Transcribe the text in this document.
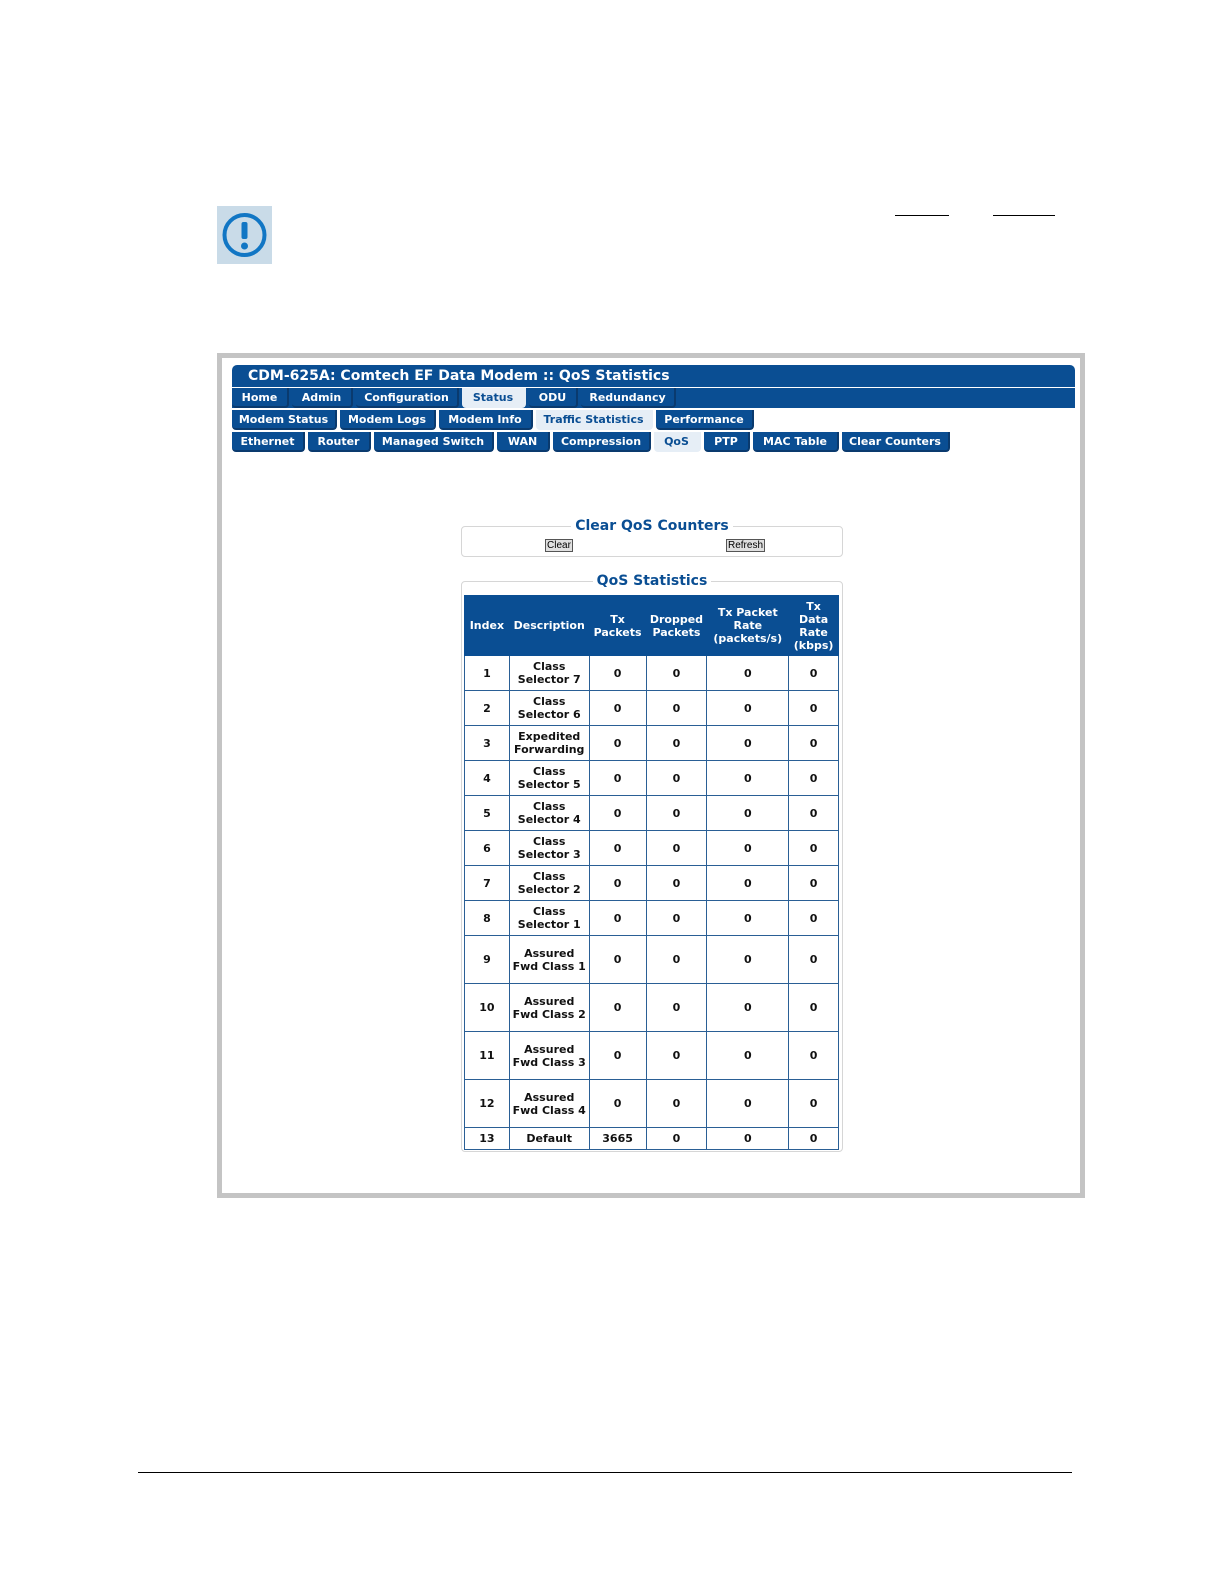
CDM-625A: Comtech EF Data Modem :: QoS Statistics
Home	Admin	Configuration	Status	ODU	Redundancy
Modem Status	Modem Logs	Modem Info	Traffic Statistics	Performance
Ethernet	Router	Managed Switch	WAN	Compression	QoS	PTP	MAC Table	Clear Counters
Clear QoS Counters
Clear	Refresh
QoS Statistics
Index	Description	Tx Packets	Dropped Packets	Tx Packet Rate (packets/s)	Tx Data Rate (kbps)
1	Class Selector 7	0	0	0	0
2	Class Selector 6	0	0	0	0
3	Expedited Forwarding	0	0	0	0
4	Class Selector 5	0	0	0	0
5	Class Selector 4	0	0	0	0
6	Class Selector 3	0	0	0	0
7	Class Selector 2	0	0	0	0
8	Class Selector 1	0	0	0	0
9	Assured Fwd Class 1	0	0	0	0
10	Assured Fwd Class 2	0	0	0	0
11	Assured Fwd Class 3	0	0	0	0
12	Assured Fwd Class 4	0	0	0	0
13	Default	3665	0	0	0
